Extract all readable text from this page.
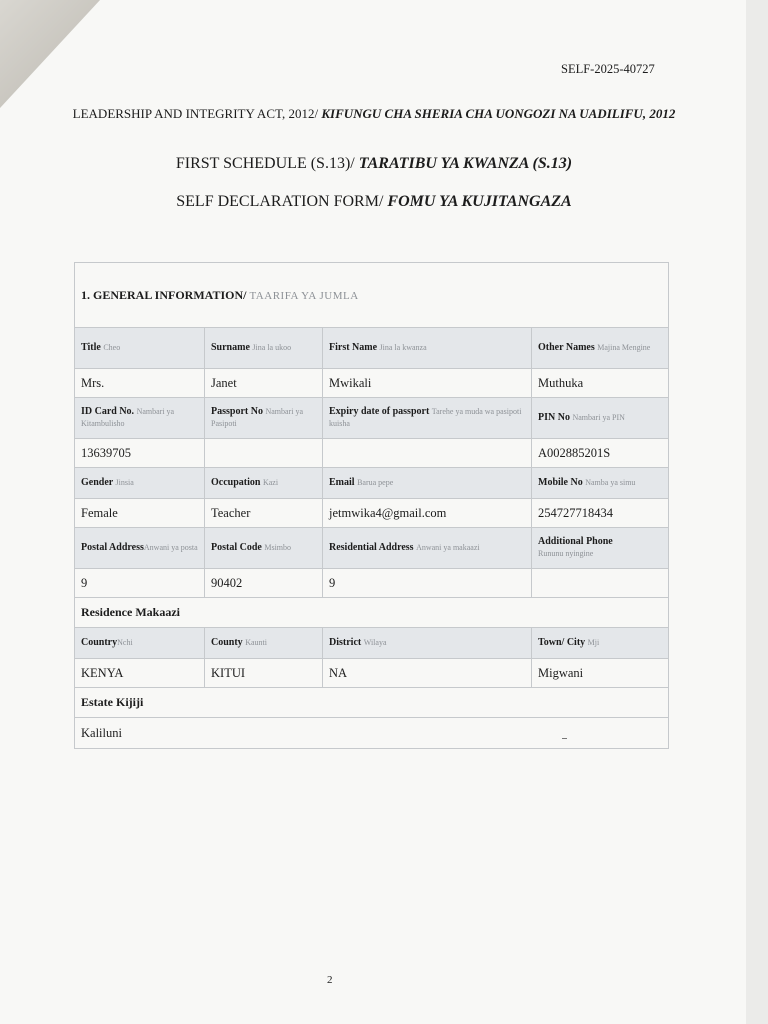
SELF-2025-40727
LEADERSHIP AND INTEGRITY ACT, 2012/ KIFUNGU CHA SHERIA CHA UONGOZI NA UADILIFU, 2012
FIRST SCHEDULE (S.13)/ TARATIBU YA KWANZA (S.13)
SELF DECLARATION FORM/ FOMU YA KUJITANGAZA
1. GENERAL INFORMATION/ TAARIFA YA JUMLA			
Title Cheo	Surname Jina la ukoo	First Name Jina la kwanza	Other Names Majina Mengine
Mrs.	Janet	Mwikali	Muthuka
ID Card No. Nambari ya Kitambulisho	Passport No Nambari ya Pasipoti	Expiry date of passport Tarehe ya muda wa pasipoti kuisha	PIN No Nambari ya PIN
13639705			A002885201S
Gender Jinsia	Occupation Kazi	Email Barua pepe	Mobile No Namba ya simu
Female	Teacher	jetmwika4@gmail.com	254727718434
Postal AddressAnwani ya posta	Postal Code Msimbo	Residential Address Anwani ya makaazi	Additional Phone
Rununu nyingine
9	90402	9	
Residence Makaazi			
CountryNchi	County Kaunti	District Wilaya	Town/ City Mji
KENYA	KITUI	NA	Migwani
Estate Kijiji			
Kaliluni			
2
